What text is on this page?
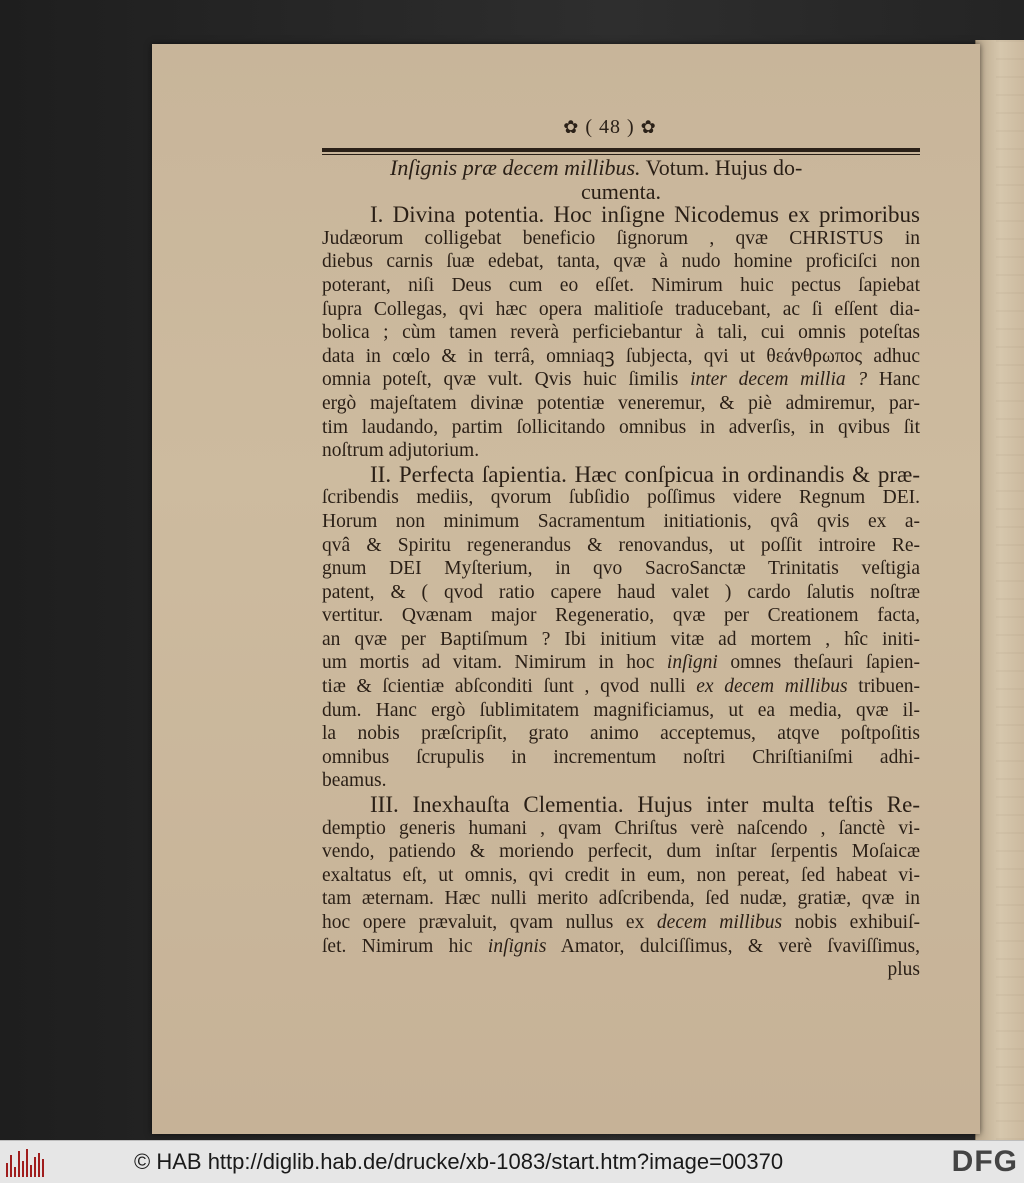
✿ ( 48 ) ✿
Inſignis præ decem millibus. Votum. Hujus do-
cumenta.
I. Divina potentia. Hoc inſigne Nicodemus ex primoribus
Judæorum colligebat beneficio ſignorum , qvæ CHRISTUS in
diebus carnis ſuæ edebat, tanta, qvæ à nudo homine proficiſci non
poterant, niſi Deus cum eo eſſet. Nimirum huic pectus ſapiebat
ſupra Collegas, qvi hæc opera malitioſe traducebant, ac ſi eſſent dia-
bolica ; cùm tamen reverà perficiebantur à tali, cui omnis poteſtas
data in cœlo & in terrâ, omniaqꝫ ſubjecta, qvi ut θεάνθρωπος adhuc
omnia poteſt, qvæ vult. Qvis huic ſimilis inter decem millia ? Hanc
ergò majeſtatem divinæ potentiæ veneremur, & piè admiremur, par-
tim laudando, partim ſollicitando omnibus in adverſis, in qvibus ſit
noſtrum adjutorium.
II. Perfecta ſapientia. Hæc conſpicua in ordinandis & præ-
ſcribendis mediis, qvorum ſubſidio poſſimus videre Regnum DEI.
Horum non minimum Sacramentum initiationis, qvâ qvis ex a-
qvâ & Spiritu regenerandus & renovandus, ut poſſit introire Re-
gnum DEI Myſterium, in qvo SacroSanctæ Trinitatis veſtigia
patent, & ( qvod ratio capere haud valet ) cardo ſalutis noſtræ
vertitur. Qvænam major Regeneratio, qvæ per Creationem facta,
an qvæ per Baptiſmum ? Ibi initium vitæ ad mortem , hîc initi-
um mortis ad vitam. Nimirum in hoc inſigni omnes theſauri ſapien-
tiæ & ſcientiæ abſconditi ſunt , qvod nulli ex decem millibus tribuen-
dum. Hanc ergò ſublimitatem magnificiamus, ut ea media, qvæ il-
la nobis præſcripſit, grato animo acceptemus, atqve poſtpoſitis
omnibus ſcrupulis in incrementum noſtri Chriſtianiſmi adhi-
beamus.
III. Inexhauſta Clementia. Hujus inter multa teſtis Re-
demptio generis humani , qvam Chriſtus verè naſcendo , ſanctè vi-
vendo, patiendo & moriendo perfecit, dum inſtar ſerpentis Moſaicæ
exaltatus eſt, ut omnis, qvi credit in eum, non pereat, ſed habeat vi-
tam æternam. Hæc nulli merito adſcribenda, ſed nudæ, gratiæ, qvæ in
hoc opere prævaluit, qvam nullus ex decem millibus nobis exhibuiſ-
ſet. Nimirum hic inſignis Amator, dulciſſimus, & verè ſvaviſſimus,
plus
© HAB http://diglib.hab.de/drucke/xb-1083/start.htm?image=00370	DFG
